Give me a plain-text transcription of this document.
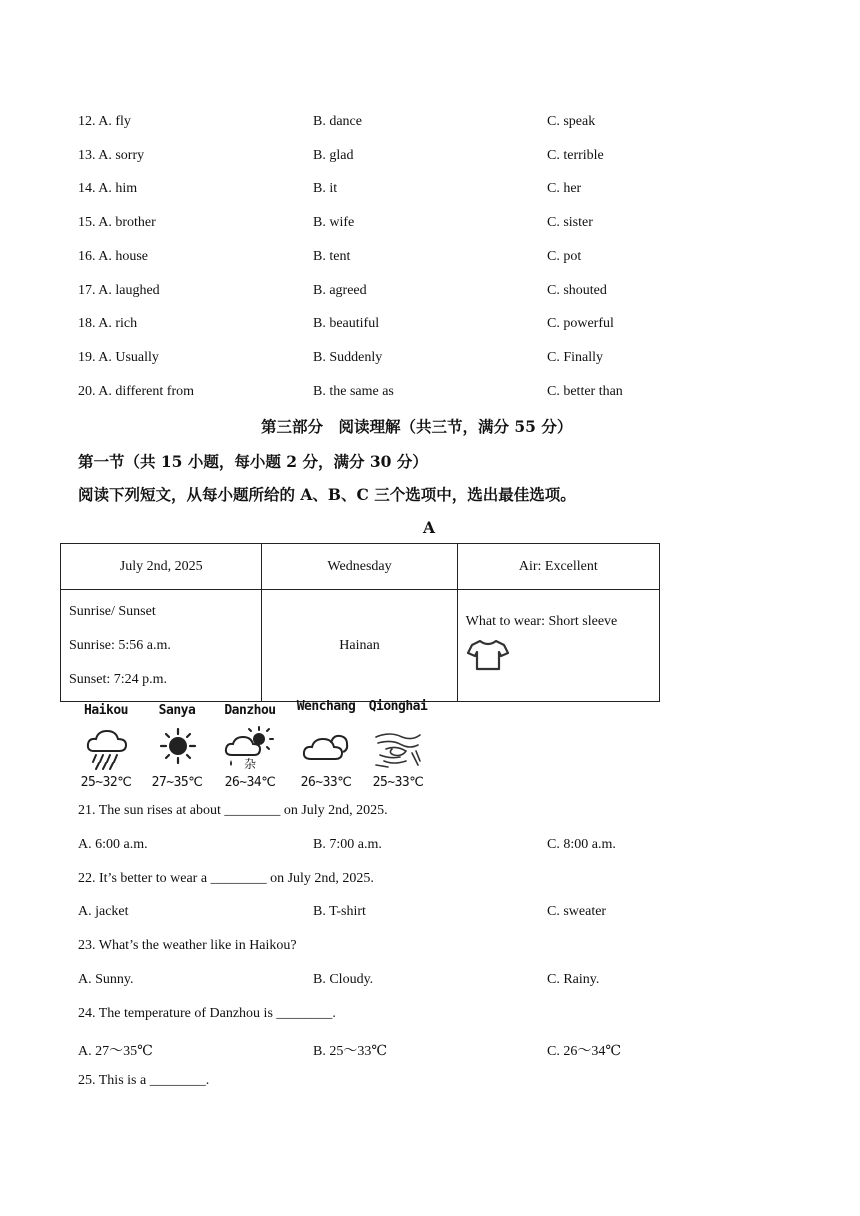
12. A. fly	B. dance	C. speak
13. A. sorry	B. glad	C. terrible
14. A. him	B. it	C. her
15. A. brother	B. wife	C. sister
16. A. house	B. tent	C. pot
17. A. laughed	B. agreed	C. shouted
18. A. rich	B. beautiful	C. powerful
19. A. Usually	B. Suddenly	C. Finally
20. A. different from	B. the same as	C. better than
第三部分　阅读理解（共三节，满分 55 分）
第一节（共 15 小题，每小题 2 分，满分 30 分）
阅读下列短文，从每小题所给的 A、B、C 三个选项中，选出最佳选项。
A
July 2nd, 2025	Wednesday	Air: Excellent

Sunrise/ Sunset
Sunrise: 5:56 a.m.
Sunset: 7:24 p.m.	Hainan	What to wear: Short sleeve
Haikou
25~32℃
Sanya
27~35℃
Danzhou
杂
26~34℃
Wenchang
26~33℃
Qionghai
25~33℃
21. The sun rises at about ________ on July 2nd, 2025.
A. 6:00 a.m.	B. 7:00 a.m.	C. 8:00 a.m.
22. It’s better to wear a ________ on July 2nd, 2025.
A. jacket	B. T-shirt	C. sweater
23. What’s the weather like in Haikou?
A. Sunny.	B. Cloudy.	C. Rainy.
24. The temperature of Danzhou is ________.
A. 27～35℃	B. 25～33℃	C. 26～34℃
25. This is a ________.
